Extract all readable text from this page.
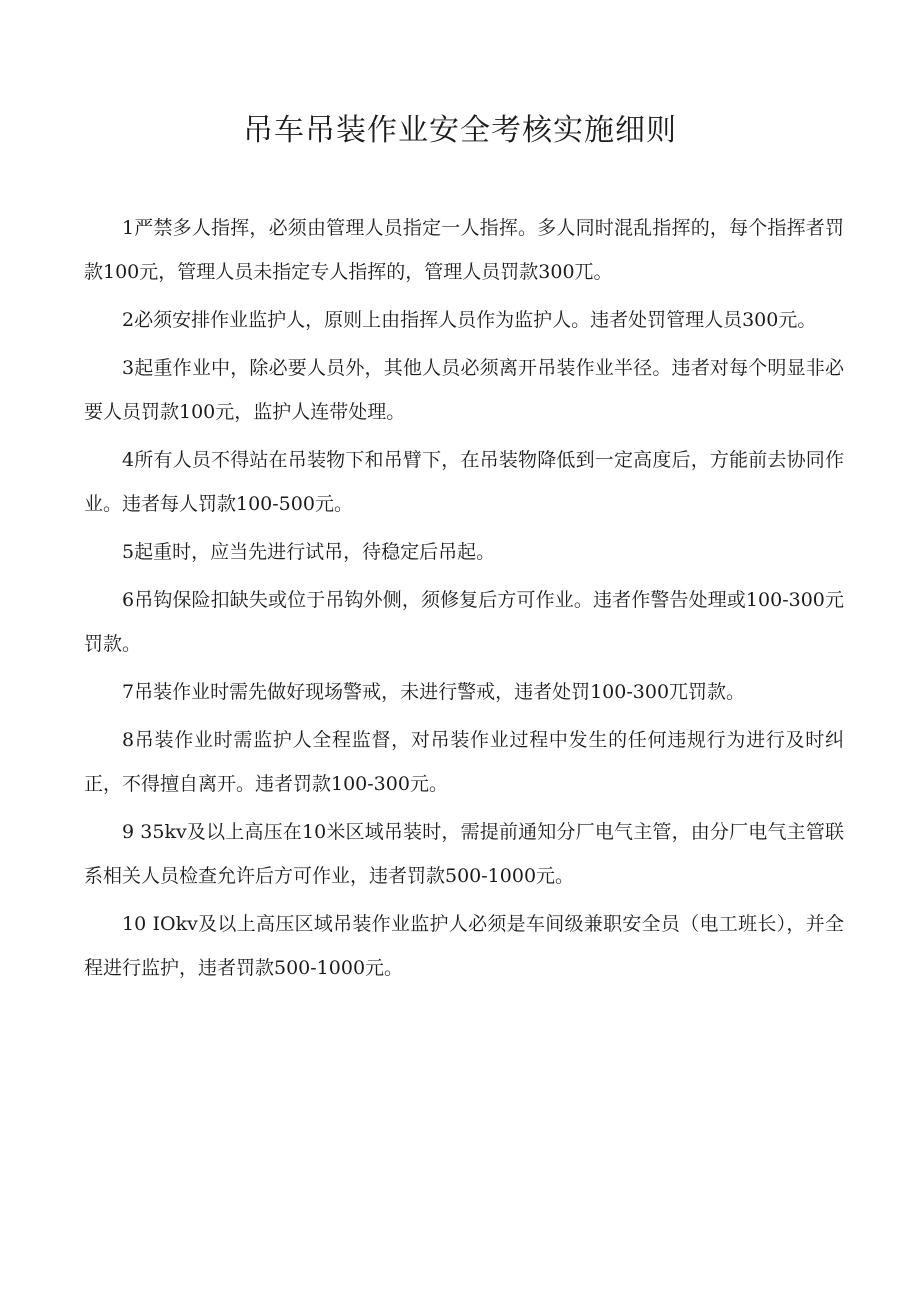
吊车吊装作业安全考核实施细则

1严禁多人指挥，必须由管理人员指定一人指挥。多人同时混乱指挥的，每个指挥者罚款100元，管理人员未指定专人指挥的，管理人员罚款300兀。

2必须安排作业监护人，原则上由指挥人员作为监护人。违者处罚管理人员300元。

3起重作业中，除必要人员外，其他人员必须离开吊装作业半径。违者对每个明显非必要人员罚款100元，监护人连带处理。

4所有人员不得站在吊装物下和吊臂下，在吊装物降低到一定高度后，方能前去协同作业。违者每人罚款100-500元。

5起重时，应当先进行试吊，待稳定后吊起。

6吊钩保险扣缺失或位于吊钩外侧，须修复后方可作业。违者作警告处理或100-300元罚款。

7吊装作业时需先做好现场警戒，未进行警戒，违者处罚100-300兀罚款。

8吊装作业时需监护人全程监督，对吊装作业过程中发生的任何违规行为进行及时纠正，不得擅自离开。违者罚款100-300元。

9 35kv及以上高压在10米区域吊装时，需提前通知分厂电气主管，由分厂电气主管联系相关人员检查允许后方可作业，违者罚款500-1000元。

10 IOkv及以上高压区域吊装作业监护人必须是车间级兼职安全员（电工班长），并全程进行监护，违者罚款500-1000元。
